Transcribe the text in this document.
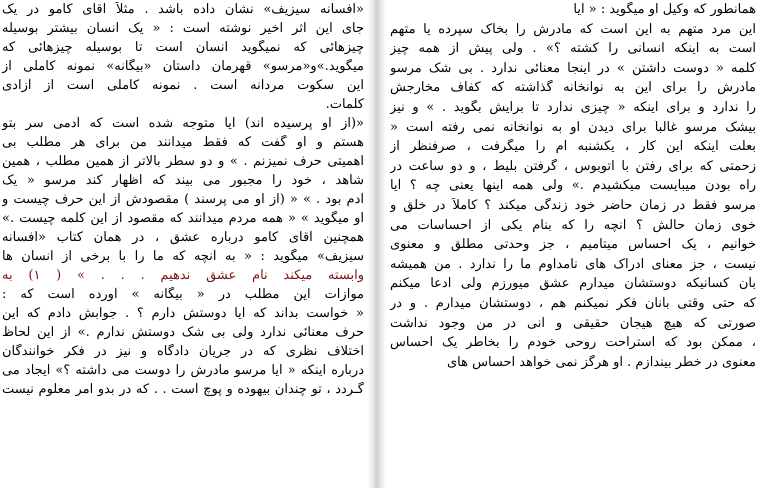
«افسانه سیزیف» نشان داده باشد . مثلاً آقای کامو در یک
جای این اثر اخیر نوشته است : « یک انسان بیشتر بوسیله
چیزهائی که نمیگوید انسان است تا بوسیله چیزهائی که
میگوید.»و«مرسو» قهرمان داستان «بیگانه» نمونه کاملی از
این سکوت مردانه است . نمونه کاملی است از آزادی
کلمات.
«(از او پرسیده اند) آیا متوجه شده است که آدمی سر بتو
هستم و او گفت که فقط میدانند من برای هر مطلب بی
اهمیتی حرف نمیزنم . » و دو سطر بالاتر از همین مطلب ، همین
شاهد ، خود را مجبور می بیند که اظهار کند مرسو « یک
آدم بود . » « (از او می پرسند ) مقصودش از این حرف چیست و
او میگوید » « همه مردم میدانند که مقصود از این کلمه چیست .»
همچنین آقای کامو درباره عشق ، در همان کتاب «افسانه
سیزیف» میگوید : « به آنچه که ما را با برخی از انسان ها
وابسته میکند نام عشق ندهیم . . . » ( ۱) به
موازات این مطلب در « بیگانه » آورده است که :
« خواست بداند که آیا دوستش دارم ؟ . جوابش دادم که این
حرف معنائی ندارد ولی بی شک دوستش ندارم .» از این لحاظ
اختلاف نظری که در جریان دادگاه و نیز در فکر خوانندگان
درباره اینکه « آیا مرسو مادرش را دوست می داشته ؟» ایجاد می
گـردد ، تو چندان بیهوده و پوچ است . . که در بدو امر معلوم نیست
همانطور که وکیل او میگوید : « آیا
این مرد متهم به این است که مادرش را بخاک سپرده یا متهم
است به اینکه انسانی را کشته ؟» . ولی پیش از همه چیز
کلمه « دوست داشتن » در اینجا معنائی ندارد . بی شک مرسو
مادرش را برای این به نوانخانه گذاشته که کفاف مخارجش
را ندارد و برای اینکه « چیزی ندارد تا برایش بگوید . » و نیز
بیشک مرسو غالباً برای دیدن او به نوانخانه نمی رفته است «
بعلت اینکه این کار ، یکشنبه ام را میگرفت ، صرفنظر از
زحمتی که برای رفتن با اتوبوس ، گرفتن بلیط ، و دو ساعت در
راه بودن میبایست میکشیدم .» ولی همه اینها یعنی چه ؟ آیا
مرسو فقط در زمان حاضر خود زندگی میکند ؟ کاملاً در خلق و
خوی زمان حالش ؟ آنچه را که بنام یکی از احساسات می
خوانیم ، یک احساس میتامیم ، جز وحدتی مطلق و معنوی
نیست ، جز معنای ادراک های نامداوم ما را ندارد . من همیشه
بآن کسانیکه دوستشان میدارم عشق میورزم ولی ادعا میکنم
که حتی وقتی بآنان فکر نمیکنم هم ، دوستشان میدارم . و در
صورتی که هیچ هیجان حقیقی و آنی در من وجود نداشت
، ممکن بود که استراحت روحی خودم را بخاطر یک احساس
معنوی در خطر بیندازم . او هرگز نمی خواهد احساس های
